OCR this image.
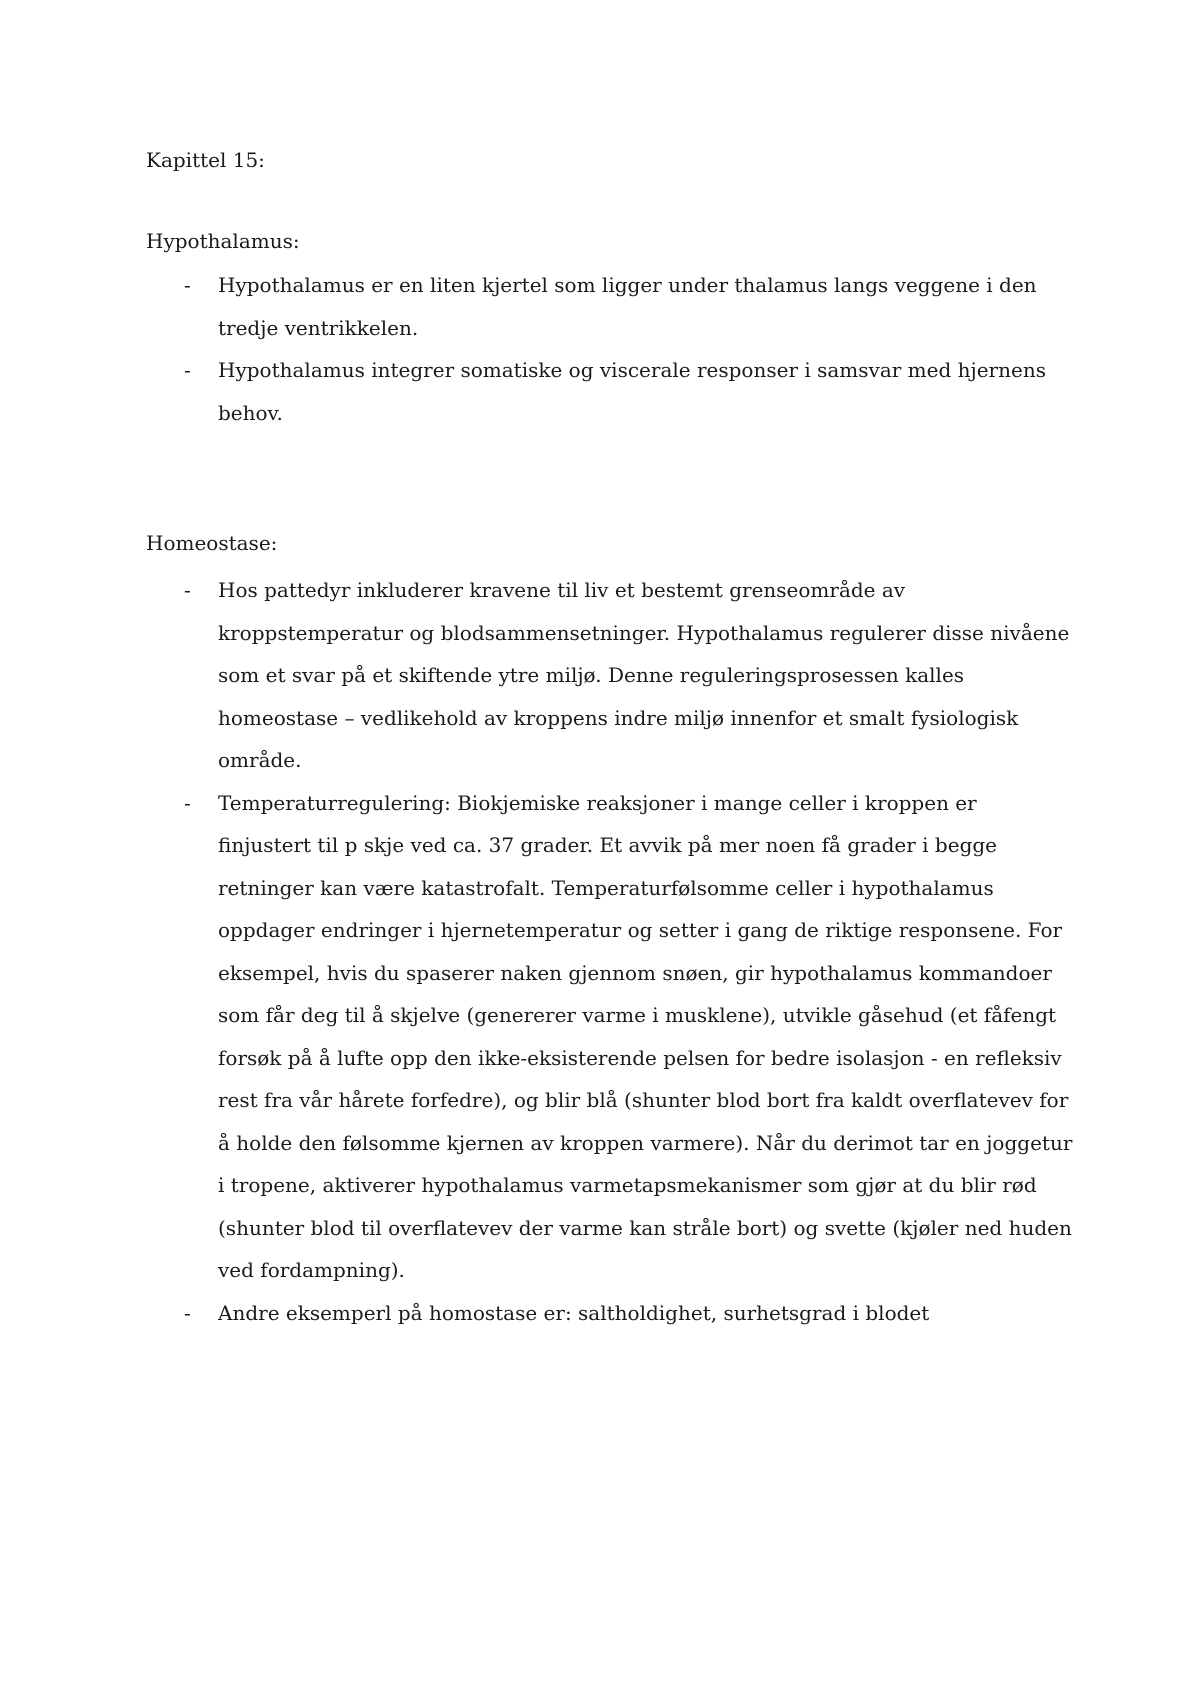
Kapittel 15:
Hypothalamus:
- Hypothalamus er en liten kjertel som ligger under thalamus langs veggene i den tredje ventrikkelen.
- Hypothalamus integrer somatiske og viscerale responser i samsvar med hjernens behov.
Homeostase:
- Hos pattedyr inkluderer kravene til liv et bestemt grenseområde av kroppstemperatur og blodsammensetninger. Hypothalamus regulerer disse nivåene som et svar på et skiftende ytre miljø. Denne reguleringsprosessen kalles homeostase – vedlikehold av kroppens indre miljø innenfor et smalt fysiologisk område.
- Temperaturregulering: Biokjemiske reaksjoner i mange celler i kroppen er finjustert til p skje ved ca. 37 grader. Et avvik på mer noen få grader i begge retninger kan være katastrofalt. Temperaturfølsomme celler i hypothalamus oppdager endringer i hjernetemperatur og setter i gang de riktige responsene. For eksempel, hvis du spaserer naken gjennom snøen, gir hypothalamus kommandoer som får deg til å skjelve (genererer varme i musklene), utvikle gåsehud (et fåfengt forsøk på å lufte opp den ikke-eksisterende pelsen for bedre isolasjon - en refleksiv rest fra vår hårete forfedre), og blir blå (shunter blod bort fra kaldt overflatevev for å holde den følsomme kjernen av kroppen varmere). Når du derimot tar en joggetur i tropene, aktiverer hypothalamus varmetapsmekanismer som gjør at du blir rød (shunter blod til overflatevev der varme kan stråle bort) og svette (kjøler ned huden ved fordampning).
- Andre eksemperl på homostase er: saltholdighet, surhetsgrad i blodet
